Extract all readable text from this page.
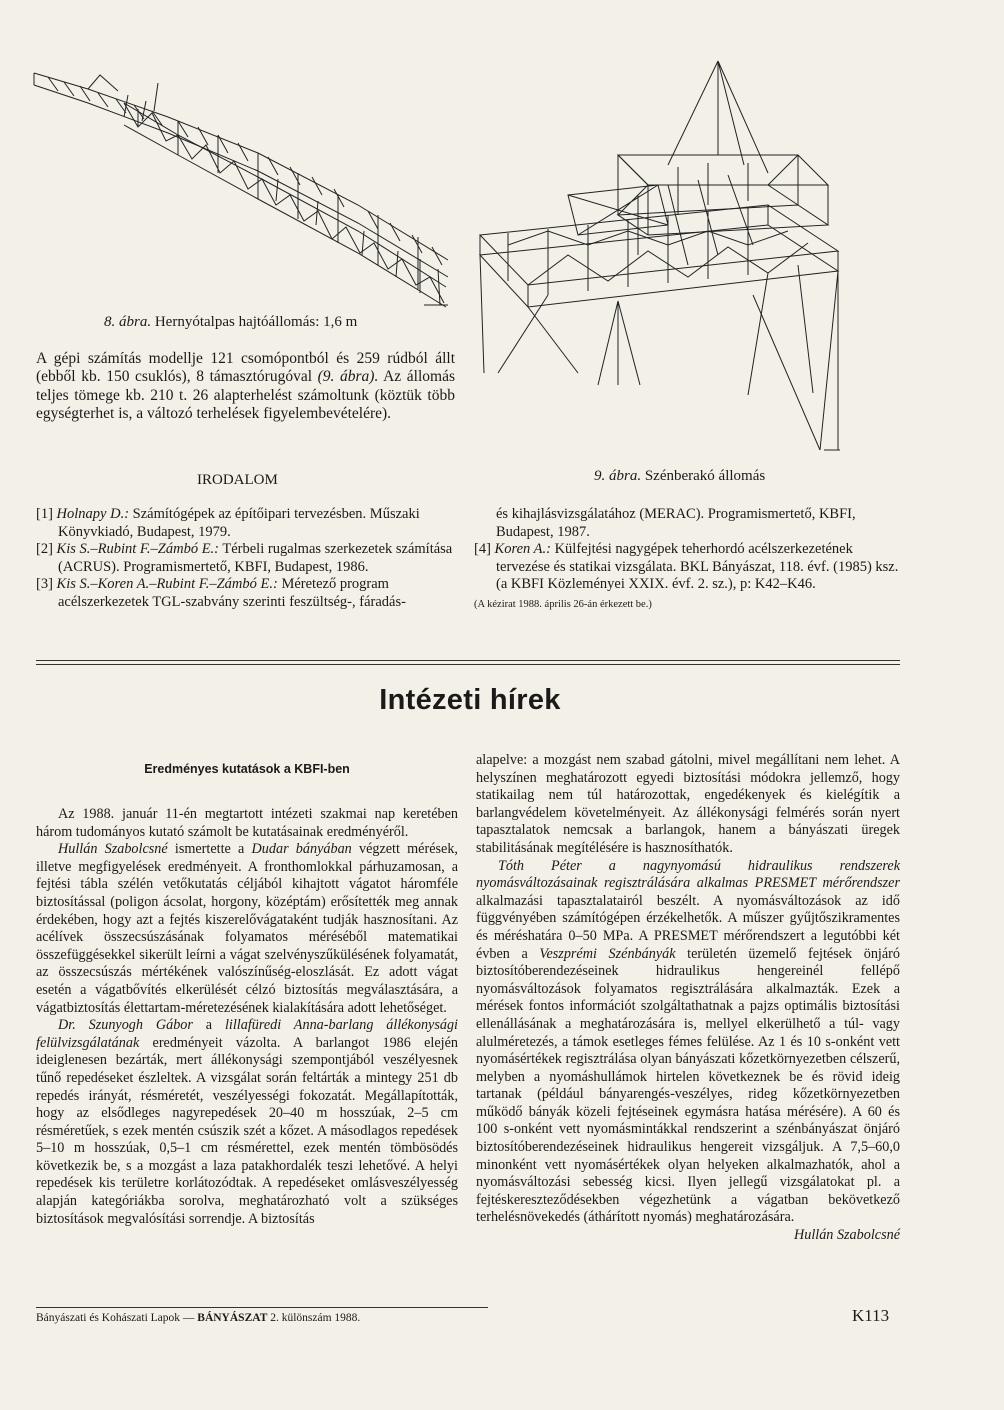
8. ábra. Hernyótalpas hajtóállomás: 1,6 m
9. ábra. Szénberakó állomás

A gépi számítás modellje 121 csomópontból és 259 rúdból állt (ebből kb. 150 csuklós), 8 támasztórugóval (9. ábra). Az állomás teljes tömege kb. 210 t. 26 alapterhelést számoltunk (köztük több egységterhet is, a változó terhelések figyelembevételére).

IRODALOM

[1] Holnapy D.: Számítógépek az építőipari tervezésben. Műszaki Könyvkiadó, Budapest, 1979.

[2] Kis S.–Rubint F.–Zámbó E.: Térbeli rugalmas szerkezetek számítása (ACRUS). Programismertető, KBFI, Budapest, 1986.

[3] Kis S.–Koren A.–Rubint F.–Zámbó E.: Méretező program acélszerkezetek TGL-szabvány szerinti feszültség-, fáradás-

és kihajlásvizsgálatához (MERAC). Programismertető, KBFI, Budapest, 1987.

[4] Koren A.: Külfejtési nagygépek teherhordó acélszerkezetének tervezése és statikai vizsgálata. BKL Bányászat, 118. évf. (1985) ksz. (a KBFI Közleményei XXIX. évf. 2. sz.), p: K42–K46.

(A kézirat 1988. április 26-án érkezett be.)

Intézeti hírek
Eredményes kutatások a KBFI-ben

Az 1988. január 11-én megtartott intézeti szakmai nap keretében három tudományos kutató számolt be kutatásainak eredményéről.

Hullán Szabolcsné ismertette a Dudar bányában végzett mérések, illetve megfigyelések eredményeit. A fronthomlokkal párhuzamosan, a fejtési tábla szélén vetőkutatás céljából kihajtott vágatot háromféle biztosítással (poligon ácsolat, horgony, középtám) erősítették meg annak érdekében, hogy azt a fejtés kiszerelővágataként tudják hasznosítani. Az acélívek összecsúszásának folyamatos méréséből matematikai összefüggésekkel sikerült leírni a vágat szelvényszűkülésének folyamatát, az összecsúszás mértékének valószínűség-eloszlását. Ez adott vágat esetén a vágatbővítés elkerülését célzó biztosítás megválasztására, a vágatbiztosítás élettartam-méretezésének kialakítására adott lehetőséget.

Dr. Szunyogh Gábor a lillafüredi Anna-barlang állékonysági felülvizsgálatának eredményeit vázolta. A barlangot 1986 elején ideiglenesen bezárták, mert állékonysági szempontjából veszélyesnek tűnő repedéseket észleltek. A vizsgálat során feltárták a mintegy 251 db repedés irányát, résméretét, veszélyességi fokozatát. Megállapították, hogy az elsődleges nagyrepedések 20–40 m hosszúak, 2–5 cm résméretűek, s ezek mentén csúszik szét a kőzet. A másodlagos repedések 5–10 m hosszúak, 0,5–1 cm résmérettel, ezek mentén tömbösödés következik be, s a mozgást a laza patakhordalék teszi lehetővé. A helyi repedések kis területre korlátozódtak. A repedéseket omlásveszélyesség alapján kategóriákba sorolva, meghatározható volt a szükséges biztosítások megvalósítási sorrendje. A biztosítás

alapelve: a mozgást nem szabad gátolni, mivel megállítani nem lehet. A helyszínen meghatározott egyedi biztosítási módokra jellemző, hogy statikailag nem túl határozottak, engedékenyek és kielégítik a barlangvédelem követelményeit. Az állékonysági felmérés során nyert tapasztalatok nemcsak a barlangok, hanem a bányászati üregek stabilitásának megítélésére is hasznosíthatók.

Tóth Péter a nagynyomású hidraulikus rendszerek nyomásváltozásainak regisztrálására alkalmas PRESMET mérőrendszer alkalmazási tapasztalatairól beszélt. A nyomásváltozások az idő függvényében számítógépen érzékelhetők. A műszer gyűjtőszikramentes és méréshatára 0–50 MPa. A PRESMET mérőrendszert a legutóbbi két évben a Veszprémi Szénbányák területén üzemelő fejtések önjáró biztosítóberendezéseinek hidraulikus hengereinél fellépő nyomásváltozások folyamatos regisztrálására alkalmazták. Ezek a mérések fontos információt szolgáltathatnak a pajzs optimális biztosítási ellenállásának a meghatározására is, mellyel elkerülhető a túl- vagy alulméretezés, a támok esetleges fémes felülése. Az 1 és 10 s-onként vett nyomásértékek regisztrálása olyan bányászati kőzetkörnyezetben célszerű, melyben a nyomáshullámok hirtelen következnek be és rövid ideig tartanak (például bányarengés-veszélyes, rideg kőzetkörnyezetben működő bányák közeli fejtéseinek egymásra hatása mérésére). A 60 és 100 s-onként vett nyomásmintákkal rendszerint a szénbányászat önjáró biztosítóberendezéseinek hidraulikus hengereit vizsgáljuk. A 7,5–60,0 minonként vett nyomásértékek olyan helyeken alkalmazhatók, ahol a nyomásváltozási sebesség kicsi. Ilyen jellegű vizsgálatokat pl. a fejtéskereszteződésekben végezhetünk a vágatban bekövetkező terhelésnövekedés (áthárított nyomás) meghatározására.

Hullán Szabolcsné

Bányászati és Kohászati Lapok — BÁNYÁSZAT 2. különszám 1988.	K113
